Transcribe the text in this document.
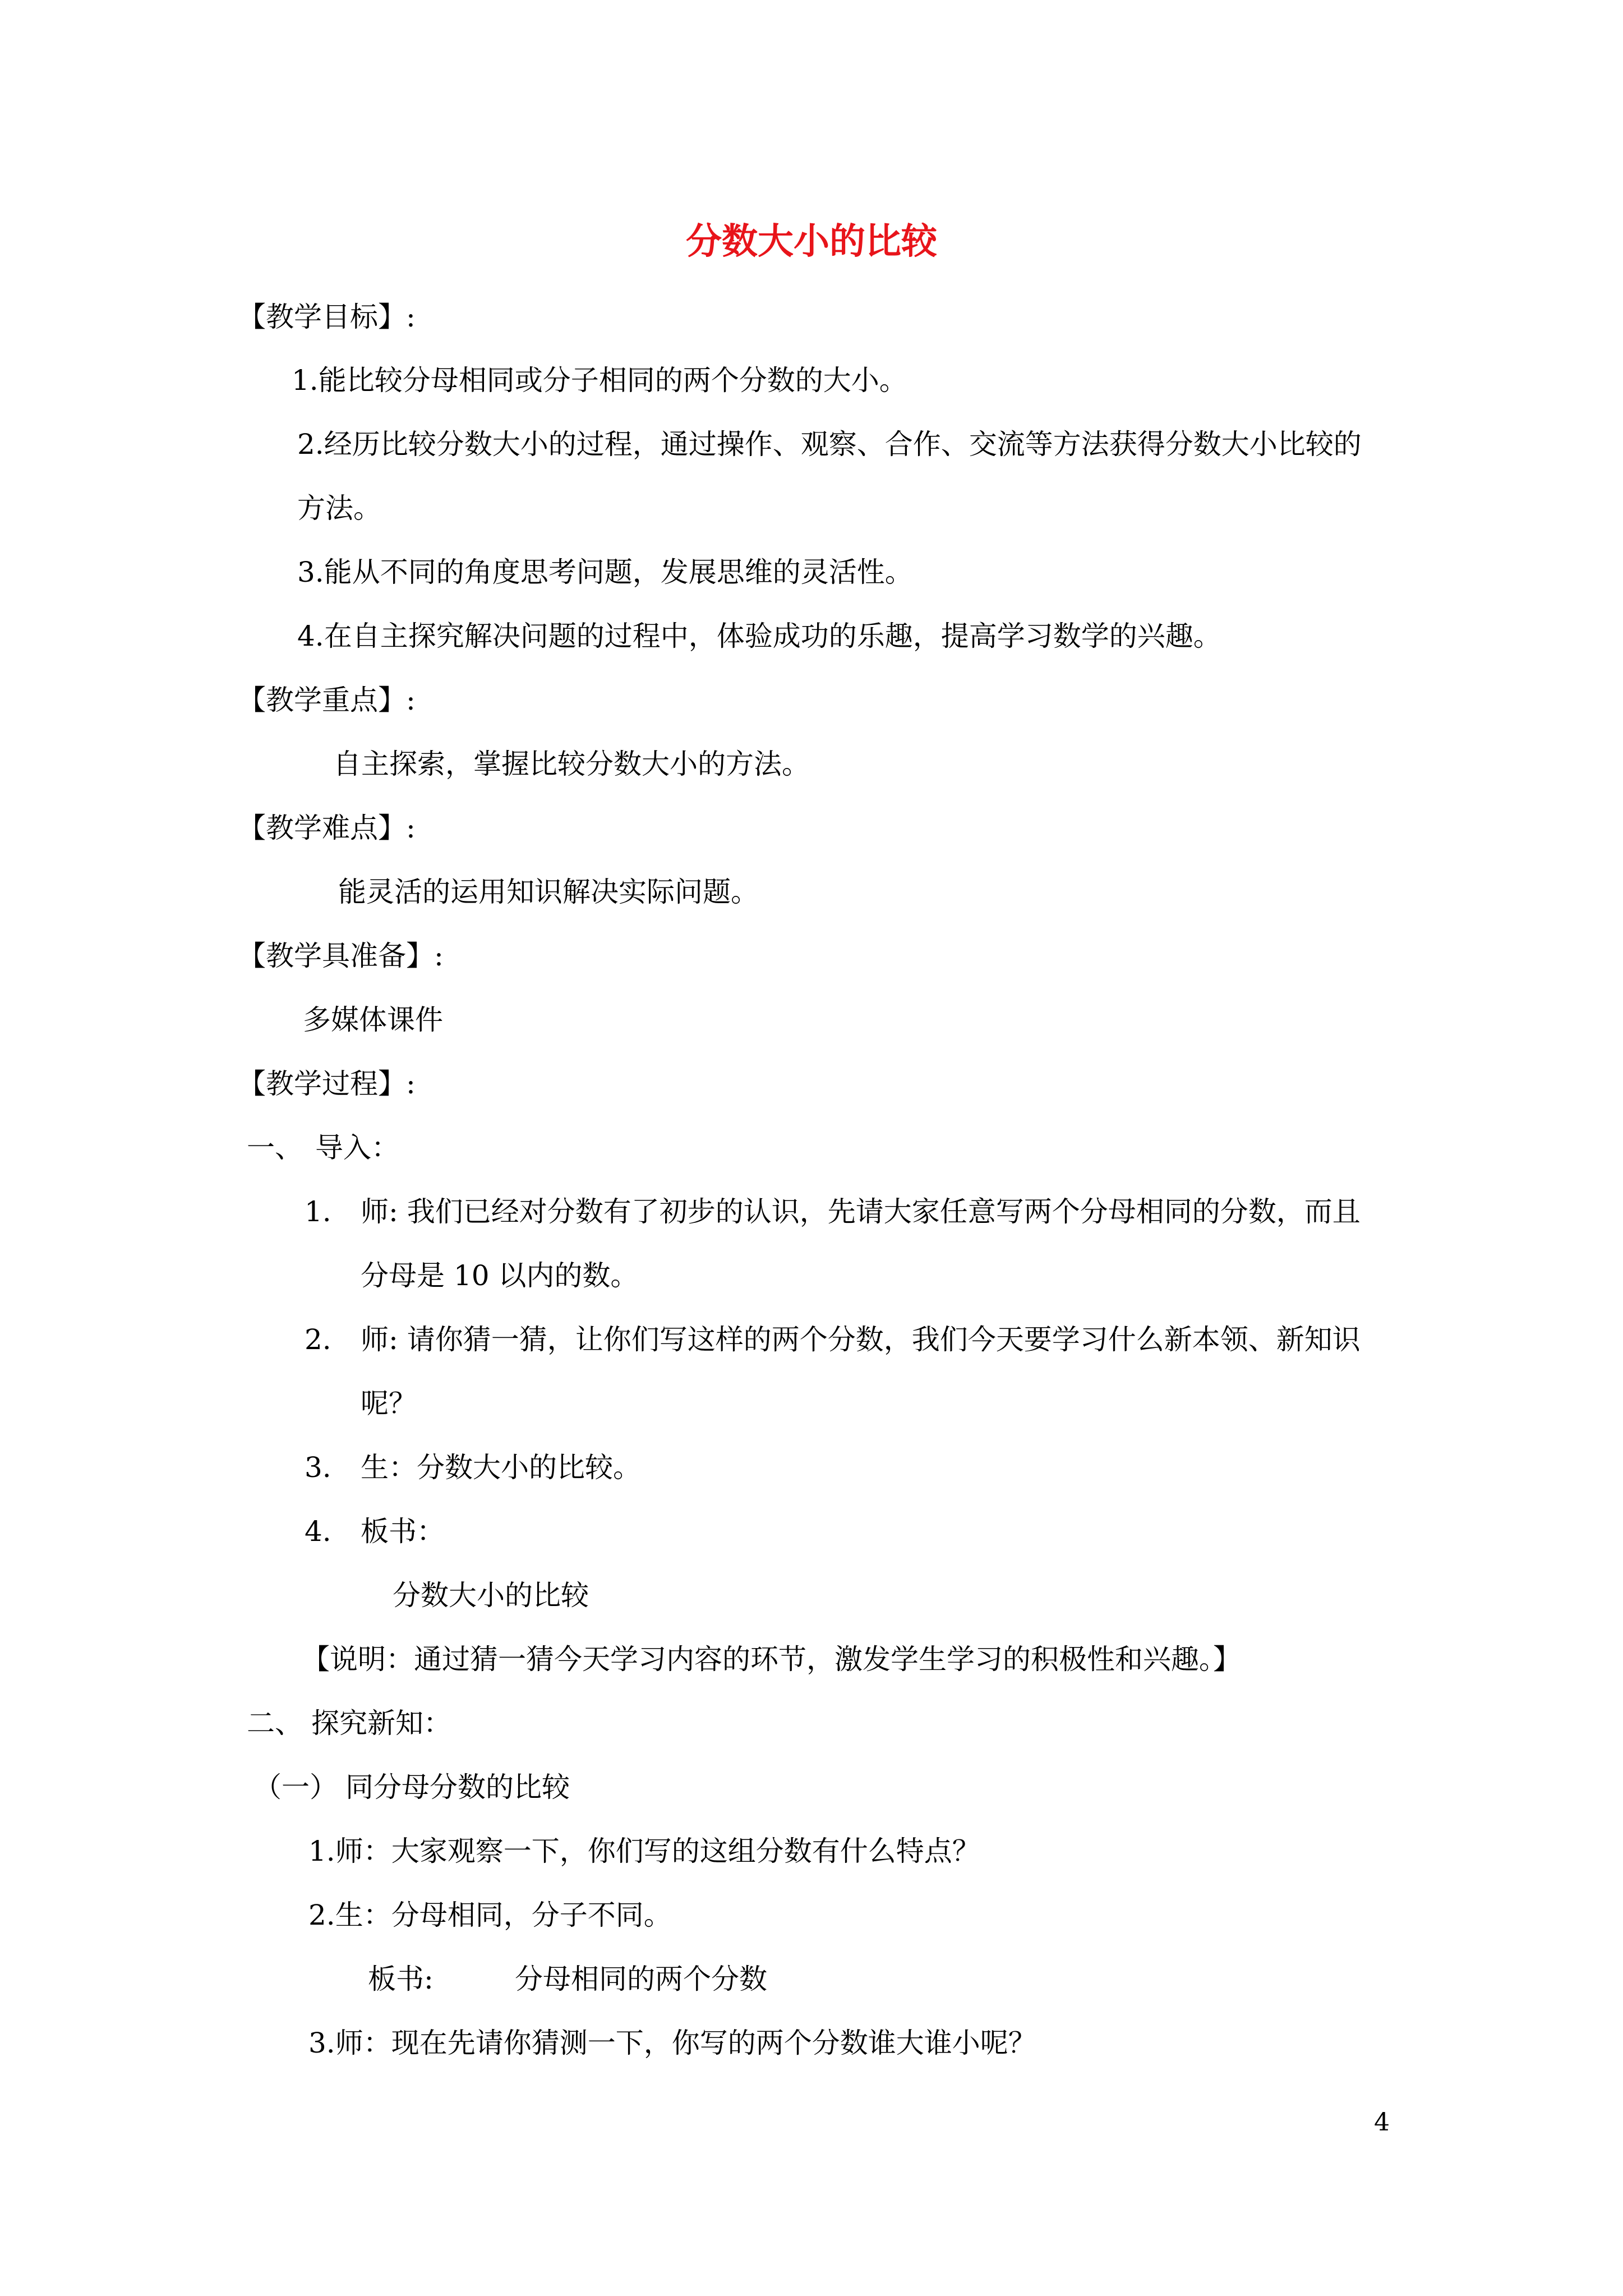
分数大小的比较

【教学目标】:

1.能比较分母相同或分子相同的两个分数的大小。

2.经历比较分数大小的过程，通过操作、观察、合作、交流等方法获得分数大小比较的

方法。

3.能从不同的角度思考问题，发展思维的灵活性。

4.在自主探究解决问题的过程中，体验成功的乐趣，提高学习数学的兴趣。

【教学重点】:

自主探索，掌握比较分数大小的方法。

【教学难点】:

能灵活的运用知识解决实际问题。

【教学具准备】:

多媒体课件

【教学过程】:

一、 导入：

1. 师: 我们已经对分数有了初步的认识，先请大家任意写两个分母相同的分数，而且

分母是 10 以内的数。

2. 师: 请你猜一猜，让你们写这样的两个分数，我们今天要学习什么新本领、新知识

呢？

3. 生：分数大小的比较。

4. 板书：

分数大小的比较

【说明：通过猜一猜今天学习内容的环节，激发学生学习的积极性和兴趣。】

二、 探究新知：

（一） 同分母分数的比较

1.师：大家观察一下，你们写的这组分数有什么特点？

2.生：分母相同，分子不同。

板书:	分母相同的两个分数

3.师：现在先请你猜测一下，你写的两个分数谁大谁小呢？

4
